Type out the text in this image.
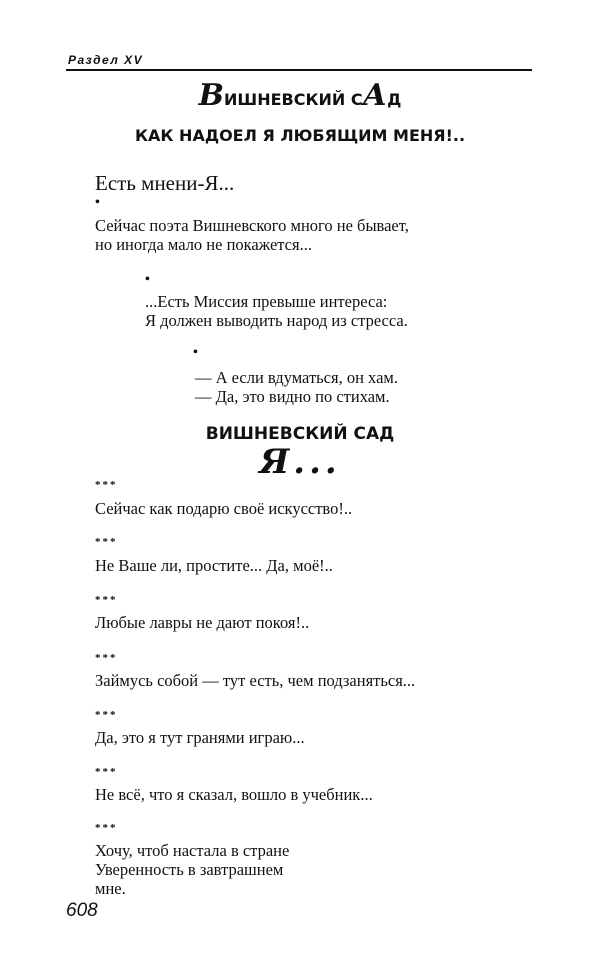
Раздел XV
ВИШНЕВСКИЙ САД
КАК НАДОЕЛ Я ЛЮБЯЩИМ МЕНЯ!..
Есть мнени-Я...
•
Сейчас поэта Вишневского много не бывает,
но иногда мало не покажется...
•
...Есть Миссия превыше интереса:
Я должен выводить народ из стресса.
•
— А если вдуматься, он хам.
— Да, это видно по стихам.
ВИШНЕВСКИЙ САД
Я...
***
Сейчас как подарю своё искусство!..
***
Не Ваше ли, простите... Да, моё!..
***
Любые лавры не дают покоя!..
***
Займусь собой — тут есть, чем подзаняться...
***
Да, это я тут гранями играю...
***
Не всё, что я сказал, вошло в учебник...
***
Хочу, чтоб настала в стране
Уверенность в завтрашнем
мне.
608
